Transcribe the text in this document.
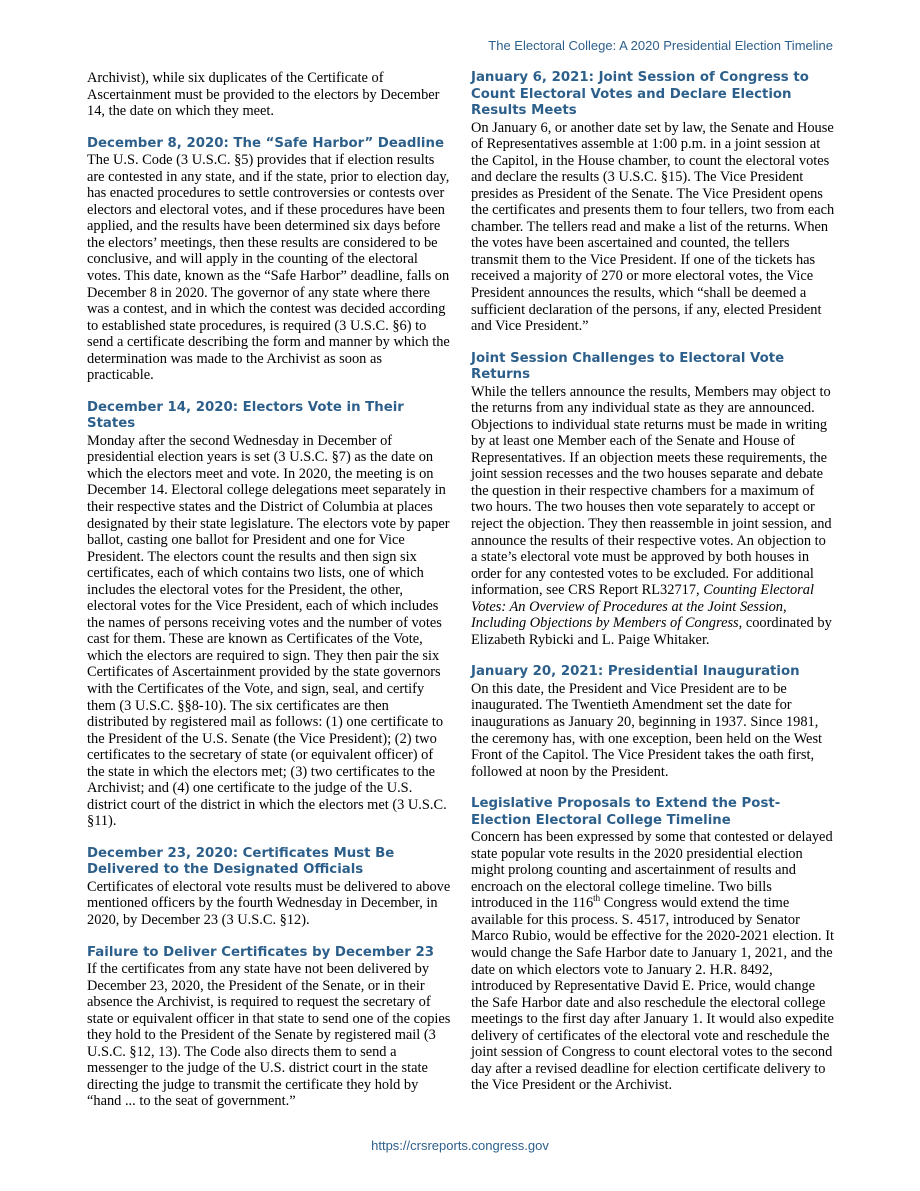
The Electoral College: A 2020 Presidential Election Timeline

Archivist), while six duplicates of the Certificate of Ascertainment must be provided to the electors by December 14, the date on which they meet.

December 8, 2020: The “Safe Harbor” Deadline

The U.S. Code (3 U.S.C. §5) provides that if election results are contested in any state, and if the state, prior to election day, has enacted procedures to settle controversies or contests over electors and electoral votes, and if these procedures have been applied, and the results have been determined six days before the electors’ meetings, then these results are considered to be conclusive, and will apply in the counting of the electoral votes. This date, known as the “Safe Harbor” deadline, falls on December 8 in 2020. The governor of any state where there was a contest, and in which the contest was decided according to established state procedures, is required (3 U.S.C. §6) to send a certificate describing the form and manner by which the determination was made to the Archivist as soon as practicable.

December 14, 2020: Electors Vote in Their States

Monday after the second Wednesday in December of presidential election years is set (3 U.S.C. §7) as the date on which the electors meet and vote. In 2020, the meeting is on December 14. Electoral college delegations meet separately in their respective states and the District of Columbia at places designated by their state legislature. The electors vote by paper ballot, casting one ballot for President and one for Vice President. The electors count the results and then sign six certificates, each of which contains two lists, one of which includes the electoral votes for the President, the other, electoral votes for the Vice President, each of which includes the names of persons receiving votes and the number of votes cast for them. These are known as Certificates of the Vote, which the electors are required to sign. They then pair the six Certificates of Ascertainment provided by the state governors with the Certificates of the Vote, and sign, seal, and certify them (3 U.S.C. §§8-10). The six certificates are then distributed by registered mail as follows: (1) one certificate to the President of the U.S. Senate (the Vice President); (2) two certificates to the secretary of state (or equivalent officer) of the state in which the electors met; (3) two certificates to the Archivist; and (4) one certificate to the judge of the U.S. district court of the district in which the electors met (3 U.S.C. §11).

December 23, 2020: Certificates Must Be Delivered to the Designated Officials

Certificates of electoral vote results must be delivered to above mentioned officers by the fourth Wednesday in December, in 2020, by December 23 (3 U.S.C. §12).

Failure to Deliver Certificates by December 23

If the certificates from any state have not been delivered by December 23, 2020, the President of the Senate, or in their absence the Archivist, is required to request the secretary of state or equivalent officer in that state to send one of the copies they hold to the President of the Senate by registered mail (3 U.S.C. §12, 13). The Code also directs them to send a messenger to the judge of the U.S. district court in the state directing the judge to transmit the certificate they hold by “hand ... to the seat of government.”

January 6, 2021: Joint Session of Congress to Count Electoral Votes and Declare Election Results Meets

On January 6, or another date set by law, the Senate and House of Representatives assemble at 1:00 p.m. in a joint session at the Capitol, in the House chamber, to count the electoral votes and declare the results (3 U.S.C. §15). The Vice President presides as President of the Senate. The Vice President opens the certificates and presents them to four tellers, two from each chamber. The tellers read and make a list of the returns. When the votes have been ascertained and counted, the tellers transmit them to the Vice President. If one of the tickets has received a majority of 270 or more electoral votes, the Vice President announces the results, which “shall be deemed a sufficient declaration of the persons, if any, elected President and Vice President.”

Joint Session Challenges to Electoral Vote Returns

While the tellers announce the results, Members may object to the returns from any individual state as they are announced. Objections to individual state returns must be made in writing by at least one Member each of the Senate and House of Representatives. If an objection meets these requirements, the joint session recesses and the two houses separate and debate the question in their respective chambers for a maximum of two hours. The two houses then vote separately to accept or reject the objection. They then reassemble in joint session, and announce the results of their respective votes. An objection to a state’s electoral vote must be approved by both houses in order for any contested votes to be excluded. For additional information, see CRS Report RL32717, Counting Electoral Votes: An Overview of Procedures at the Joint Session, Including Objections by Members of Congress, coordinated by Elizabeth Rybicki and L. Paige Whitaker.

January 20, 2021: Presidential Inauguration

On this date, the President and Vice President are to be inaugurated. The Twentieth Amendment set the date for inaugurations as January 20, beginning in 1937. Since 1981, the ceremony has, with one exception, been held on the West Front of the Capitol. The Vice President takes the oath first, followed at noon by the President.

Legislative Proposals to Extend the Post-Election Electoral College Timeline

Concern has been expressed by some that contested or delayed state popular vote results in the 2020 presidential election might prolong counting and ascertainment of results and encroach on the electoral college timeline. Two bills introduced in the 116th Congress would extend the time available for this process. S. 4517, introduced by Senator Marco Rubio, would be effective for the 2020-2021 election. It would change the Safe Harbor date to January 1, 2021, and the date on which electors vote to January 2. H.R. 8492, introduced by Representative David E. Price, would change the Safe Harbor date and also reschedule the electoral college meetings to the first day after January 1. It would also expedite delivery of certificates of the electoral vote and reschedule the joint session of Congress to count electoral votes to the second day after a revised deadline for election certificate delivery to the Vice President or the Archivist.

https://crsreports.congress.gov
